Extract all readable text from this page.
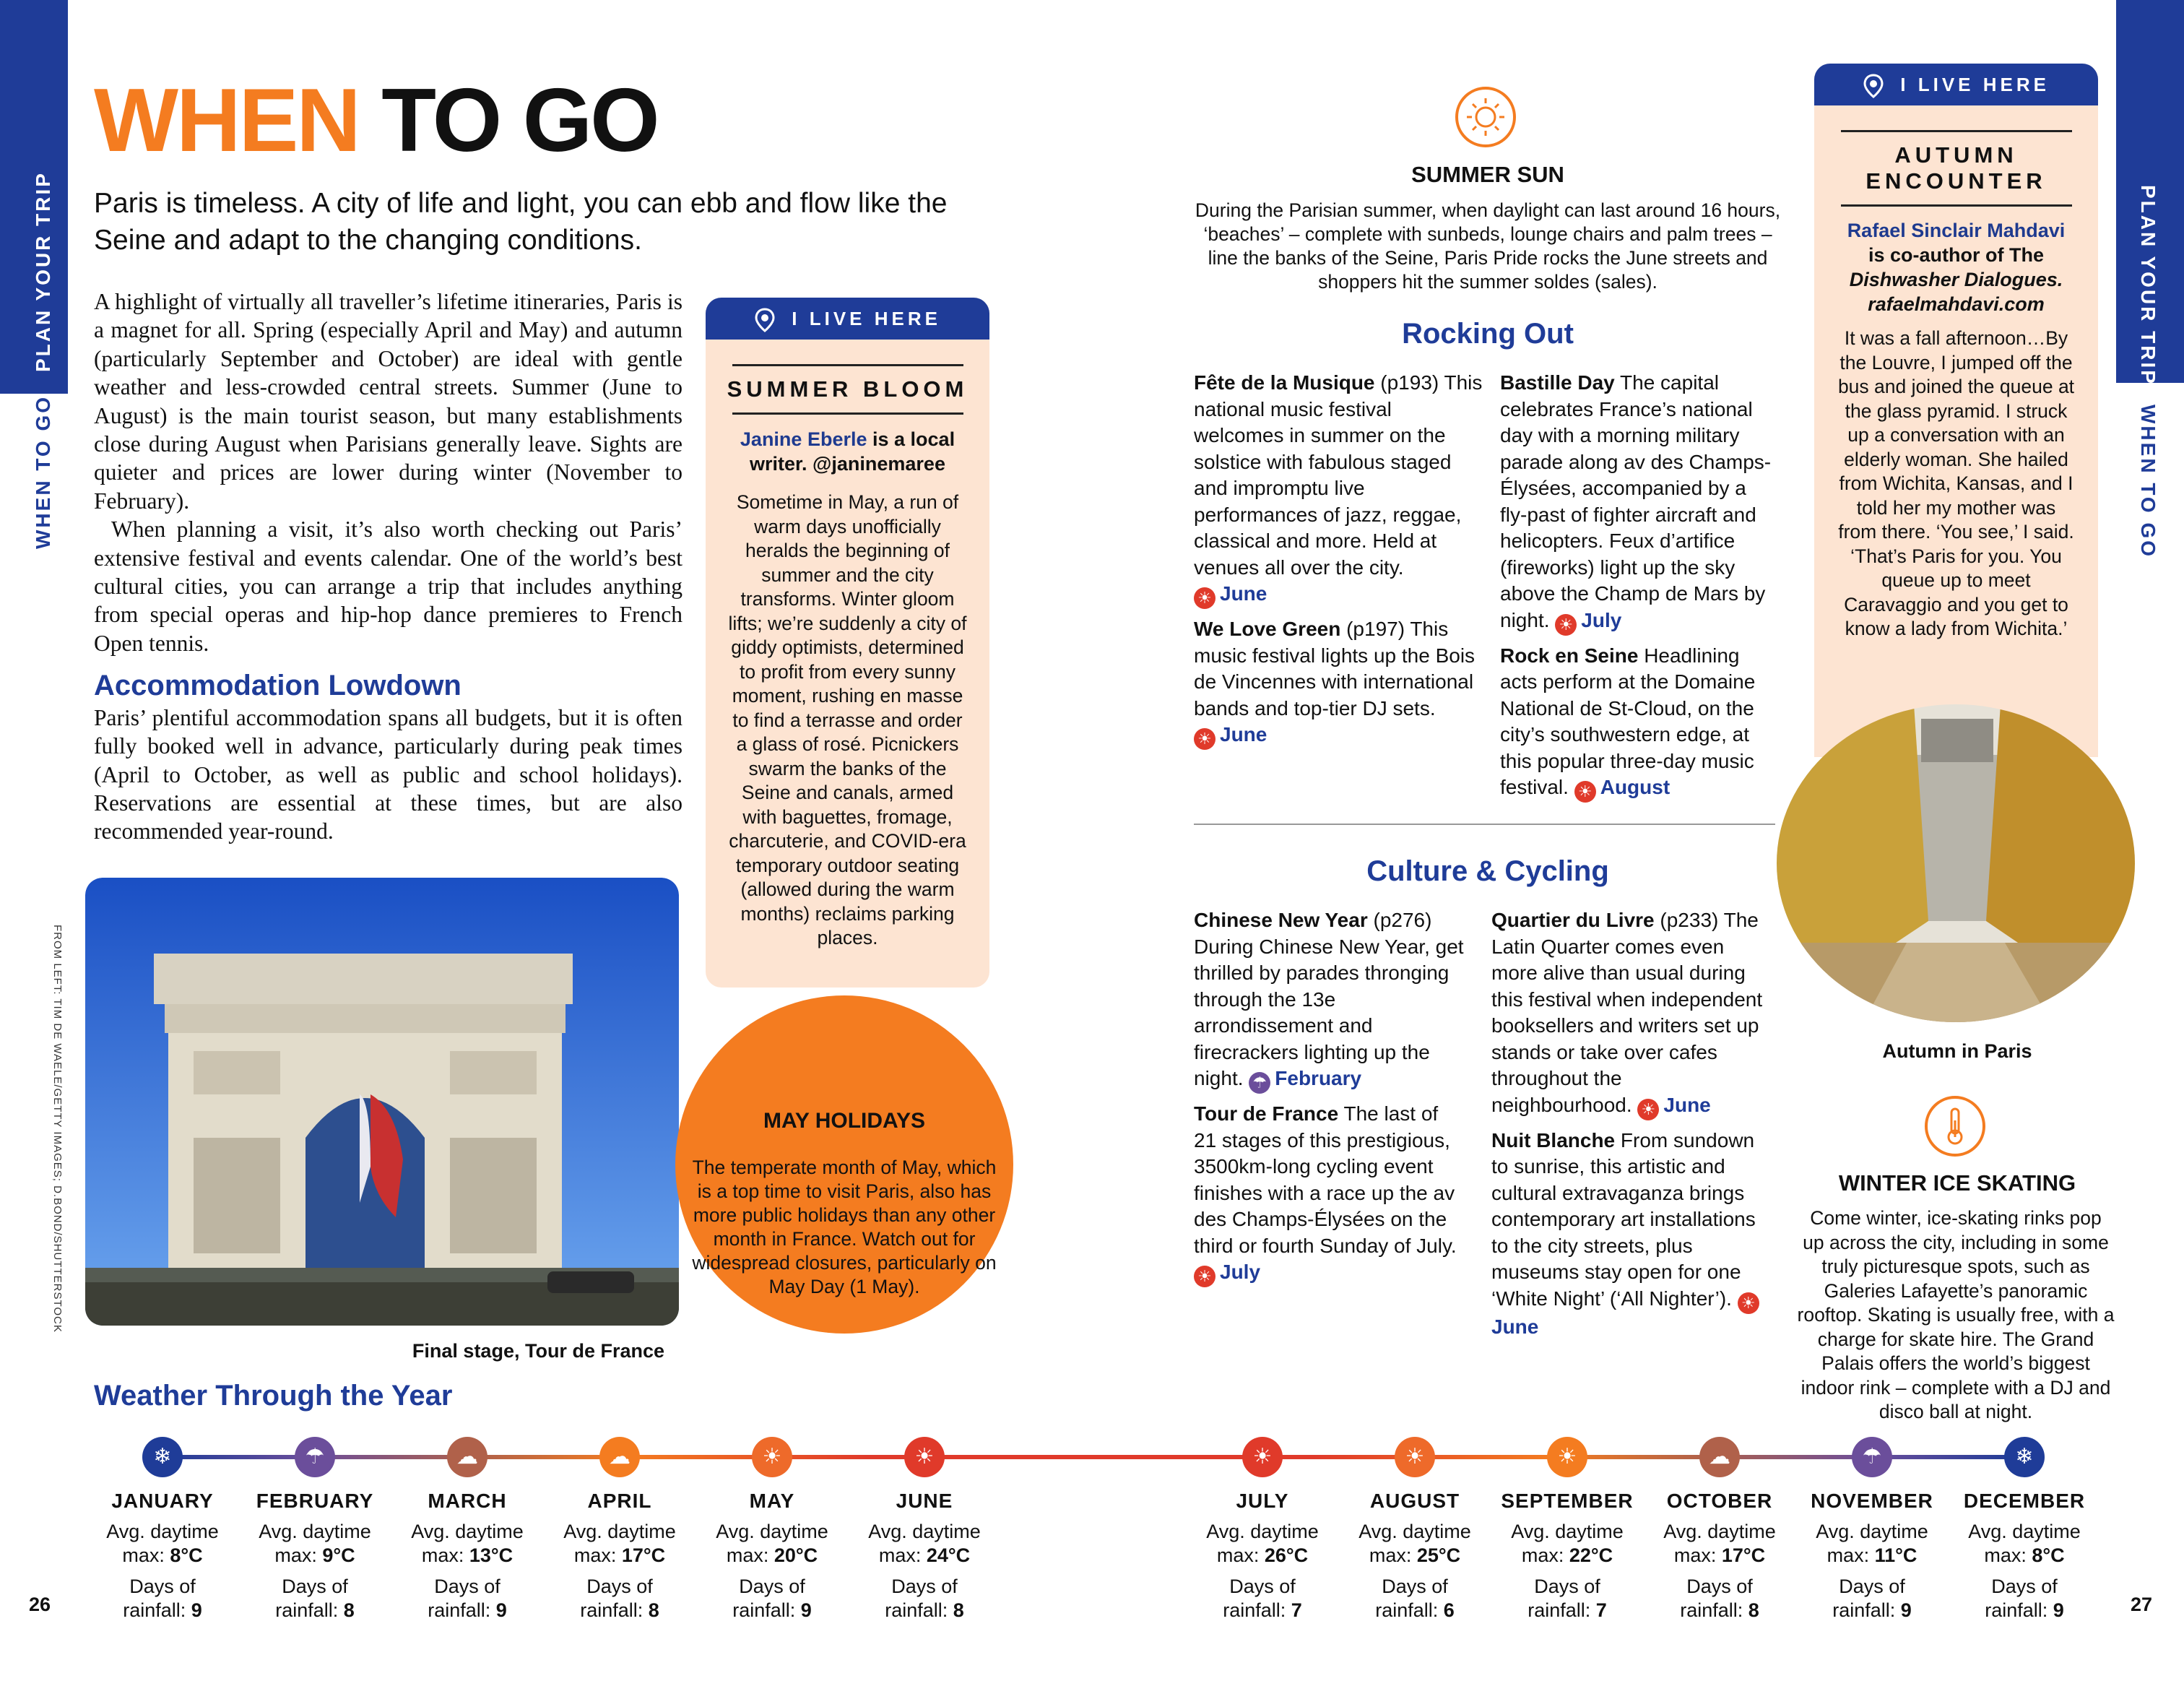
PLAN YOUR TRIP
WHEN TO GO
PLAN YOUR TRIP
WHEN TO GO
WHEN TO GO
Paris is timeless. A city of life and light, you can ebb and flow like the Seine and adapt to the changing conditions.
A highlight of virtually all traveller’s lifetime itineraries, Paris is a magnet for all. Spring (especially April and May) and autumn (particularly September and October) are ideal with gentle weather and less-crowded central streets. Summer (June to August) is the main tourist season, but many establishments close during August when Parisians generally leave. Sights are quieter and prices are lower during winter (November to February).
When planning a visit, it’s also worth checking out Paris’ extensive festival and events calendar. One of the world’s best cultural cities, you can arrange a trip that includes anything from special operas and hip-hop dance premieres to French Open tennis.
Accommodation Lowdown
Paris’ plentiful accommodation spans all budgets, but it is often fully booked well in advance, particularly during peak times (April to October, as well as public and school holidays). Reservations are essential at these times, but are also recommended year-round.
FROM LEFT: TIM DE WAELE/GETTY IMAGES; D.BOND/SHUTTERSTOCK
Final stage, Tour de France
I LIVE HERE
SUMMER BLOOM
Janine Eberle is a local writer. @janinemaree
Sometime in May, a run of warm days unofficially heralds the beginning of summer and the city transforms. Winter gloom lifts; we’re suddenly a city of giddy optimists, determined to profit from every sunny moment, rushing en masse to find a terrasse and order a glass of rosé. Picnickers swarm the banks of the Seine and canals, armed with baguettes, fromage, charcuterie, and COVID-era temporary outdoor seating (allowed during the warm months) reclaims parking places.
MAY HOLIDAYS
The temperate month of May, which is a top time to visit Paris, also has more public holidays than any other month in France. Watch out for widespread closures, particularly on May Day (1 May).
SUMMER SUN
During the Parisian summer, when daylight can last around 16 hours, ‘beaches’ – complete with sunbeds, lounge chairs and palm trees – line the banks of the Seine, Paris Pride rocks the June streets and shoppers hit the summer soldes (sales).
Rocking Out
Fête de la Musique (p193) This national music festival welcomes in summer on the solstice with fabulous staged and impromptu live performances of jazz, reggae, classical and more. Held at venues all over the city.
☀ June
We Love Green (p197) This music festival lights up the Bois de Vincennes with international bands and top-tier DJ sets.
☀ June
Bastille Day The capital celebrates France’s national day with a morning military parade along av des Champs-Élysées, accompanied by a fly-past of fighter aircraft and helicopters. Feux d’artifice (fireworks) light up the sky above the Champ de Mars by night. ☀ July
Rock en Seine Headlining acts perform at the Domaine National de St-Cloud, on the city’s southwestern edge, at this popular three-day music festival. ☀ August
Culture & Cycling
Chinese New Year (p276) During Chinese New Year, get thrilled by parades thronging through the 13e arrondissement and firecrackers lighting up the night. ☂ February
Tour de France The last of 21 stages of this prestigious, 3500km-long cycling event finishes with a race up the av des Champs-Élysées on the third or fourth Sunday of July.
☀ July
Quartier du Livre (p233) The Latin Quarter comes even more alive than usual during this festival when independent booksellers and writers set up stands or take over cafes throughout the neighbourhood. ☀ June
Nuit Blanche From sundown to sunrise, this artistic and cultural extravaganza brings contemporary art installations to the city streets, plus museums stay open for one ‘White Night’ (‘All Nighter’). ☀June
I LIVE HERE
AUTUMN
ENCOUNTER
Rafael Sinclair Mahdavi
is co-author of The
Dishwasher Dialogues.
rafaelmahdavi.com
It was a fall afternoon…By the Louvre, I jumped off the bus and joined the queue at the glass pyramid. I struck up a conversation with an elderly woman. She hailed from Wichita, Kansas, and I told her my mother was from there. ‘You see,’ I said. ‘That’s Paris for you. You queue up to meet Caravaggio and you get to know a lady from Wichita.’
Autumn in Paris
WINTER ICE SKATING
Come winter, ice-skating rinks pop up across the city, including in some truly picturesque spots, such as Galeries Lafayette’s panoramic rooftop. Skating is usually free, with a charge for skate hire. The Grand Palais offers the world’s biggest indoor rink – complete with a DJ and disco ball at night.
Weather Through the Year
❄
JANUARY
Avg. daytime
max: 8°C
Days of
rainfall: 9
☂
FEBRUARY
Avg. daytime
max: 9°C
Days of
rainfall: 8
☁
MARCH
Avg. daytime
max: 13°C
Days of
rainfall: 9
☁
APRIL
Avg. daytime
max: 17°C
Days of
rainfall: 8
☀
MAY
Avg. daytime
max: 20°C
Days of
rainfall: 9
☀
JUNE
Avg. daytime
max: 24°C
Days of
rainfall: 8
☀
JULY
Avg. daytime
max: 26°C
Days of
rainfall: 7
☀
AUGUST
Avg. daytime
max: 25°C
Days of
rainfall: 6
☀
SEPTEMBER
Avg. daytime
max: 22°C
Days of
rainfall: 7
☁
OCTOBER
Avg. daytime
max: 17°C
Days of
rainfall: 8
☂
NOVEMBER
Avg. daytime
max: 11°C
Days of
rainfall: 9
❄
DECEMBER
Avg. daytime
max: 8°C
Days of
rainfall: 9
26	27
